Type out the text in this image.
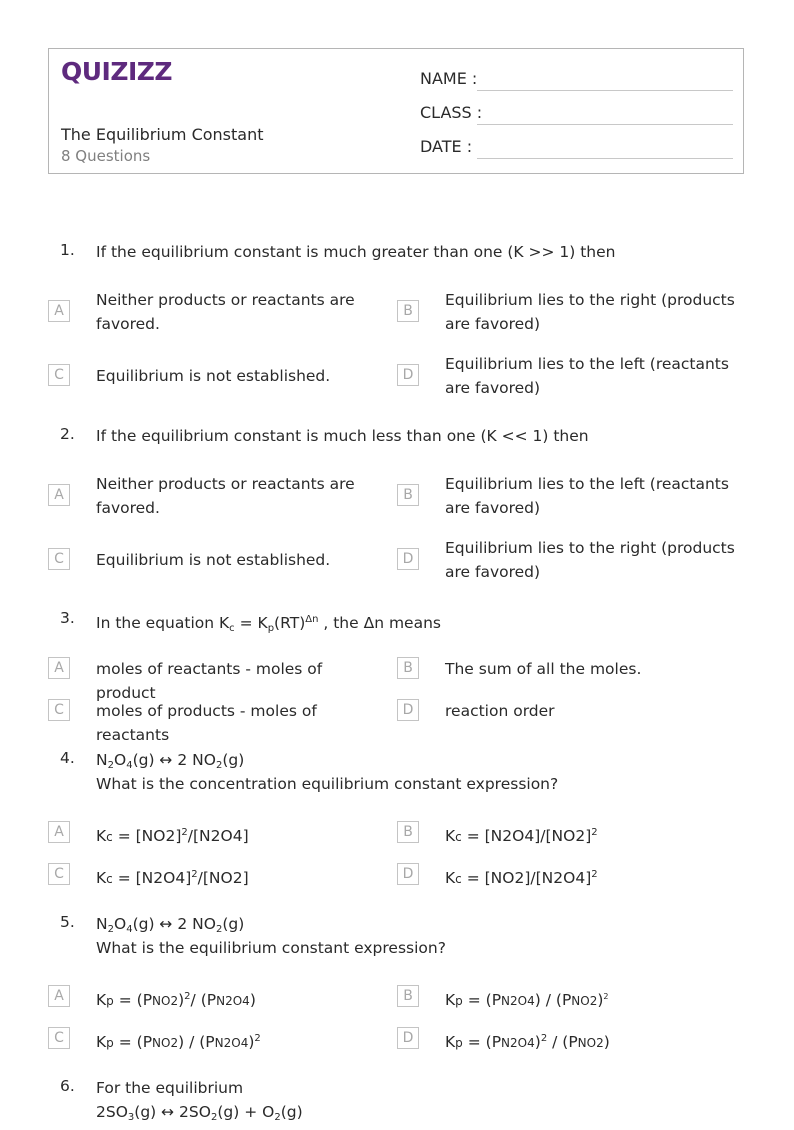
QUIZIZZ
The Equilibrium Constant
8 Questions
NAME :
CLASS :
DATE :
1. If the equilibrium constant is much greater than one (K >> 1) then
A
Neither products or reactants are favored.
B
Equilibrium lies to the right (products are favored)
C	Equilibrium is not established.	D
Equilibrium lies to the left (reactants are favored)
2. If the equilibrium constant is much less than one (K << 1) then
A
Neither products or reactants are favored.
B
Equilibrium lies to the left (reactants are favored)
C	Equilibrium is not established.	D
Equilibrium lies to the right (products are favored)
3. In the equation $K_c = K_p(RT)^{\Delta n}$ , the Δn means
A	moles of reactants - moles of product
B	The sum of all the moles.
C	moles of products - moles of reactants
D	reaction order
4. $N_2O_4(g)$ ↔ 2 $NO_2(g)$
What is the concentration equilibrium constant expression?
A	$Kc = [NO2]^2/[N2O4]$	B	$Kc = [N2O4]/[NO2]^2$
C	$Kc = [N2O4]^2/[NO2]$	D	$Kc = [NO2]/[N2O4]^2$
5. $N_2O_4(g)$ ↔ 2 $NO_2(g)$
What is the equilibrium constant expression?
A	$Kp = (PNO2)^2/$ (PN2O4)	B	$Kp = (PN2O4) / (PNO2)^2$
C	$Kp = (PNO2) / (PN2O4)^2$	D	$Kp = (PN2O4)^2 / (PNO2)$
6. For the equilibrium
$2SO_3(g)$ ↔ $2SO_2(g) + O_2(g)$
